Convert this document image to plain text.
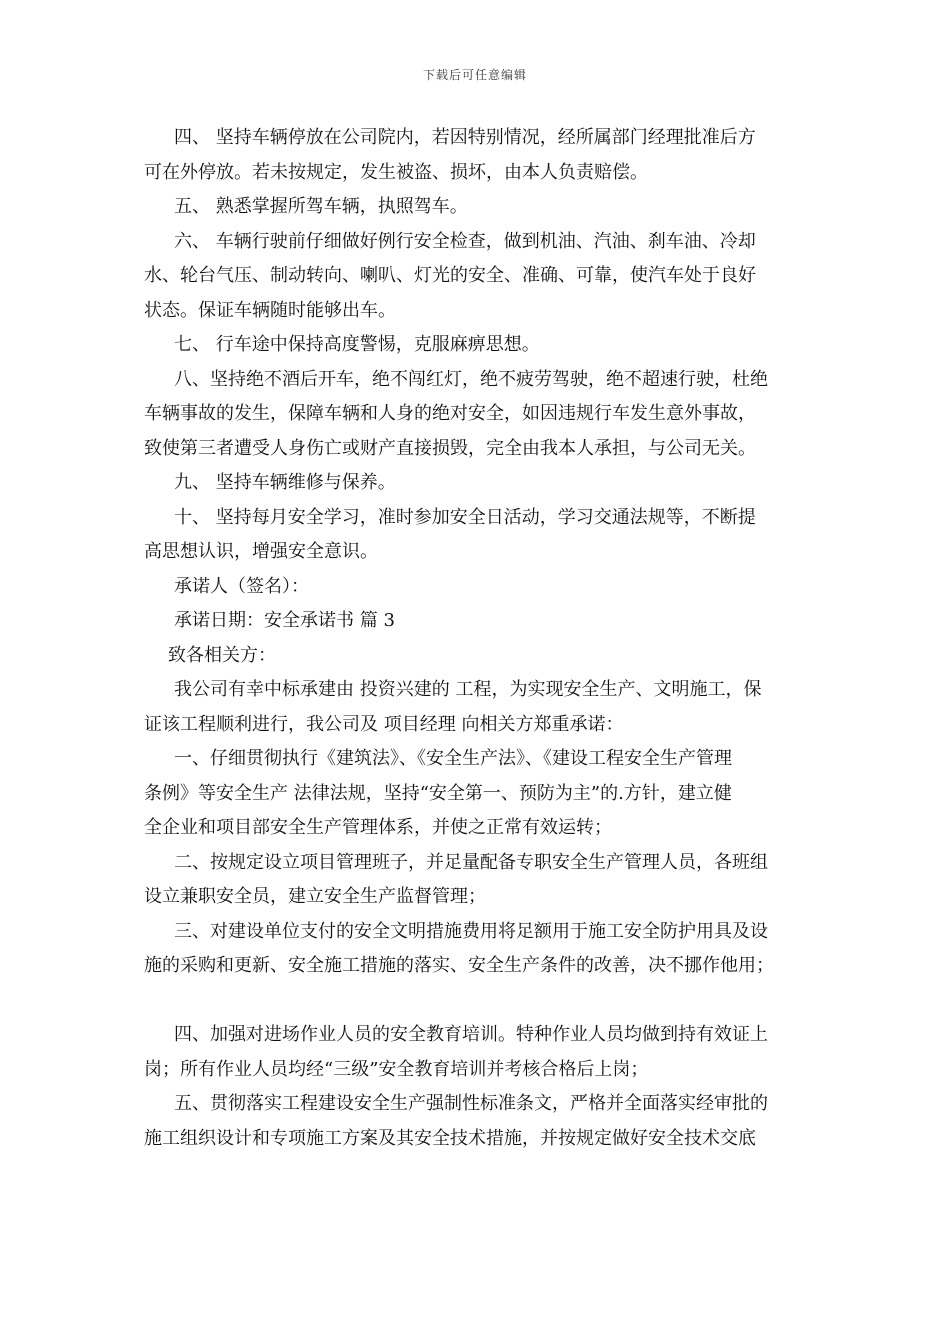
下载后可任意编辑
四、 坚持车辆停放在公司院内，若因特别情况，经所属部门经理批准后方
可在外停放。若未按规定，发生被盗、损坏，由本人负责赔偿。
五、 熟悉掌握所驾车辆，执照驾车。
六、 车辆行驶前仔细做好例行安全检查，做到机油、汽油、刹车油、冷却
水、轮台气压、制动转向、喇叭、灯光的安全、准确、可靠，使汽车处于良好
状态。保证车辆随时能够出车。
七、 行车途中保持高度警惕，克服麻痹思想。
八、坚持绝不酒后开车，绝不闯红灯，绝不疲劳驾驶，绝不超速行驶，杜绝
车辆事故的发生，保障车辆和人身的绝对安全，如因违规行车发生意外事故，
致使第三者遭受人身伤亡或财产直接损毁，完全由我本人承担，与公司无关。
九、 坚持车辆维修与保养。
十、 坚持每月安全学习，准时参加安全日活动，学习交通法规等，不断提
高思想认识，增强安全意识。
承诺人（签名）：
承诺日期：安全承诺书 篇 3
致各相关方：
我公司有幸中标承建由 投资兴建的 工程，为实现安全生产、文明施工，保
证该工程顺利进行，我公司及 项目经理 向相关方郑重承诺：
一、仔细贯彻执行《建筑法》、《安全生产法》、《建设工程安全生产管理
条例》等安全生产 法律法规，坚持“安全第一、预防为主”的.方针，建立健
全企业和项目部安全生产管理体系，并使之正常有效运转；
二、按规定设立项目管理班子，并足量配备专职安全生产管理人员，各班组
设立兼职安全员，建立安全生产监督管理；
三、对建设单位支付的安全文明措施费用将足额用于施工安全防护用具及设
施的采购和更新、安全施工措施的落实、安全生产条件的改善，决不挪作他用；
四、加强对进场作业人员的安全教育培训。特种作业人员均做到持有效证上
岗；所有作业人员均经“三级”安全教育培训并考核合格后上岗；
五、贯彻落实工程建设安全生产强制性标准条文，严格并全面落实经审批的
施工组织设计和专项施工方案及其安全技术措施，并按规定做好安全技术交底
